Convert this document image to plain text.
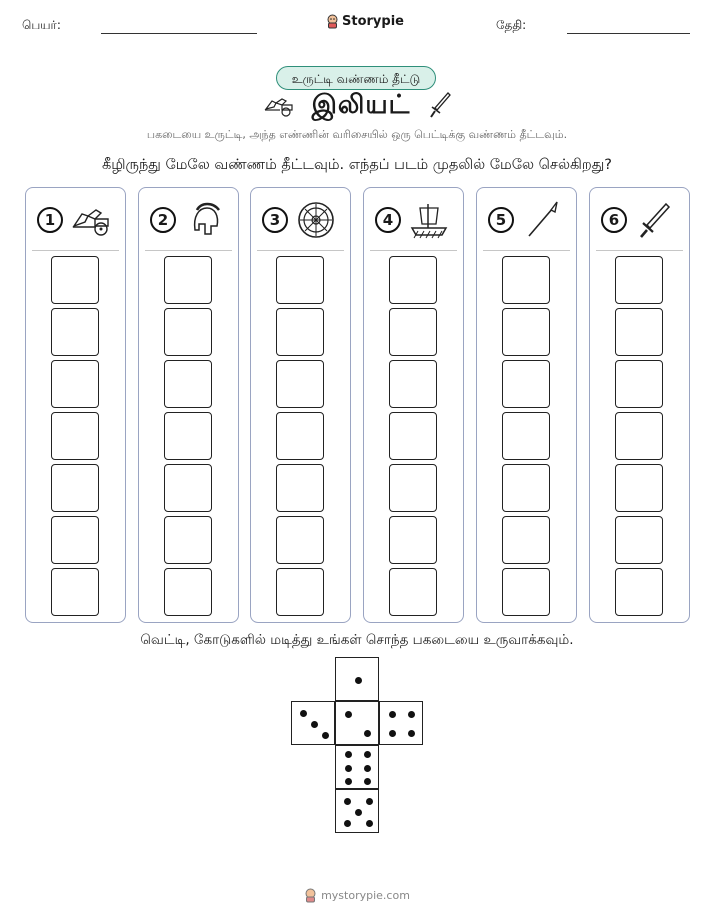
பெயர்:	Storypie	தேதி:
உருட்டி வண்ணம் தீட்டு
இலியட்
பகடையை உருட்டி, அந்த எண்ணின் வரிசையில் ஒரு பெட்டிக்கு வண்ணம் தீட்டவும்.
கீழிருந்து மேலே வண்ணம் தீட்டவும். எந்தப் படம் முதலில் மேலே செல்கிறது?
1	2	3	4	5	6
வெட்டி, கோடுகளில் மடித்து உங்கள் சொந்த பகடையை உருவாக்கவும்.
mystorypie.com
